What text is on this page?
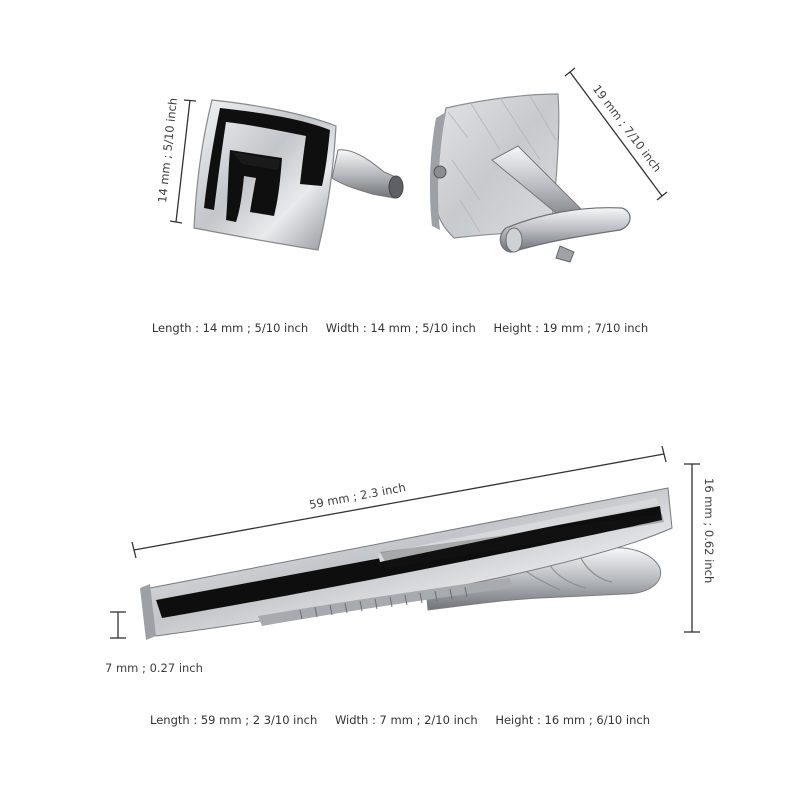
14 mm ; 5/10 inch	19 mm ; 7/10 inch
59 mm ; 2.3 inch	16 mm ; 0.62 inch
7 mm ; 0.27 inch
Length : 14 mm ; 5/10 inch Width : 14 mm ; 5/10 inch Height : 19 mm ; 7/10 inch
Length : 59 mm ; 2 3/10 inch Width : 7 mm ; 2/10 inch Height : 16 mm ; 6/10 inch
